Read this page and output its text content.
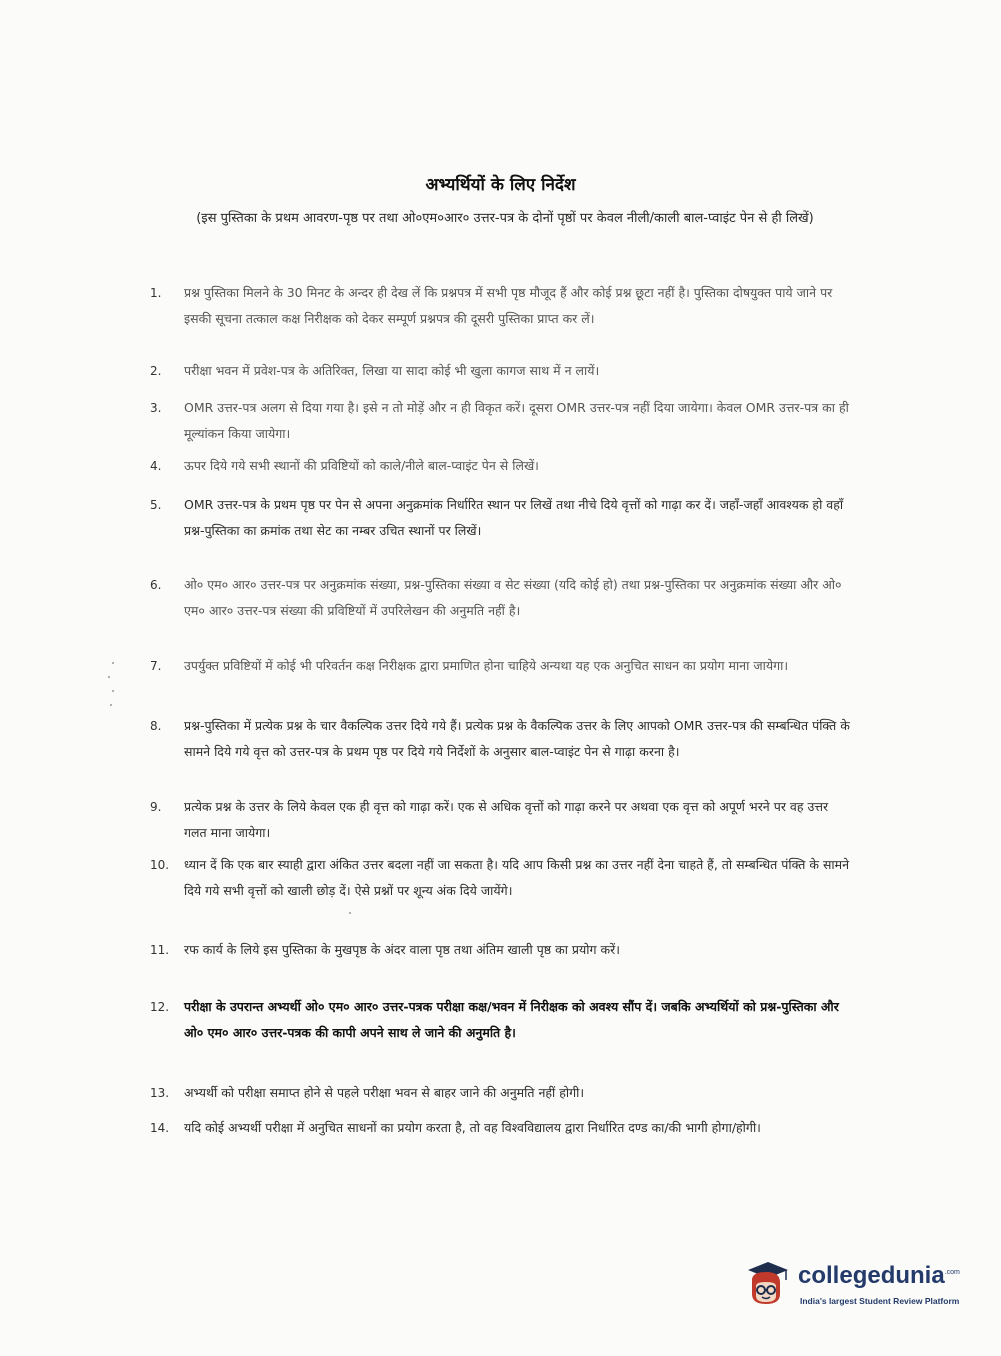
अभ्यर्थियों के लिए निर्देश
(इस पुस्तिका के प्रथम आवरण-पृष्ठ पर तथा ओ०एम०आर० उत्तर-पत्र के दोनों पृष्ठों पर केवल नीली/काली बाल-प्वाइंट पेन से ही लिखें)
1.	प्रश्न पुस्तिका मिलने के 30 मिनट के अन्दर ही देख लें कि प्रश्नपत्र में सभी पृष्ठ मौजूद हैं और कोई प्रश्न छूटा नहीं है। पुस्तिका दोषयुक्त पाये जाने पर इसकी सूचना तत्काल कक्ष निरीक्षक को देकर सम्पूर्ण प्रश्नपत्र की दूसरी पुस्तिका प्राप्त कर लें।
2.	परीक्षा भवन में प्रवेश-पत्र के अतिरिक्त, लिखा या सादा कोई भी खुला कागज साथ में न लायें।
3.	OMR उत्तर-पत्र अलग से दिया गया है। इसे न तो मोड़ें और न ही विकृत करें। दूसरा OMR उत्तर-पत्र नहीं दिया जायेगा। केवल OMR उत्तर-पत्र का ही मूल्यांकन किया जायेगा।
4.	ऊपर दिये गये सभी स्थानों की प्रविष्टियों को काले/नीले बाल-प्वाइंट पेन से लिखें।
5.	OMR उत्तर-पत्र के प्रथम पृष्ठ पर पेन से अपना अनुक्रमांक निर्धारित स्थान पर लिखें तथा नीचे दिये वृत्तों को गाढ़ा कर दें। जहाँ-जहाँ आवश्यक हो वहाँ प्रश्न-पुस्तिका का क्रमांक तथा सेट का नम्बर उचित स्थानों पर लिखें।
6.	ओ० एम० आर० उत्तर-पत्र पर अनुक्रमांक संख्या, प्रश्न-पुस्तिका संख्या व सेट संख्या (यदि कोई हो) तथा प्रश्न-पुस्तिका पर अनुक्रमांक संख्या और ओ० एम० आर० उत्तर-पत्र संख्या की प्रविष्टियों में उपरिलेखन की अनुमति नहीं है।
7.	उपर्युक्त प्रविष्टियों में कोई भी परिवर्तन कक्ष निरीक्षक द्वारा प्रमाणित होना चाहिये अन्यथा यह एक अनुचित साधन का प्रयोग माना जायेगा।
8.	प्रश्न-पुस्तिका में प्रत्येक प्रश्न के चार वैकल्पिक उत्तर दिये गये हैं। प्रत्येक प्रश्न के वैकल्पिक उत्तर के लिए आपको OMR उत्तर-पत्र की सम्बन्धित पंक्ति के सामने दिये गये वृत्त को उत्तर-पत्र के प्रथम पृष्ठ पर दिये गये निर्देशों के अनुसार बाल-प्वाइंट पेन से गाढ़ा करना है।
9.	प्रत्येक प्रश्न के उत्तर के लिये केवल एक ही वृत्त को गाढ़ा करें। एक से अधिक वृत्तों को गाढ़ा करने पर अथवा एक वृत्त को अपूर्ण भरने पर वह उत्तर गलत माना जायेगा।
10.	ध्यान दें कि एक बार स्याही द्वारा अंकित उत्तर बदला नहीं जा सकता है। यदि आप किसी प्रश्न का उत्तर नहीं देना चाहते हैं, तो सम्बन्धित पंक्ति के सामने दिये गये सभी वृत्तों को खाली छोड़ दें। ऐसे प्रश्नों पर शून्य अंक दिये जायेंगे।
11.	रफ कार्य के लिये इस पुस्तिका के मुखपृष्ठ के अंदर वाला पृष्ठ तथा अंतिम खाली पृष्ठ का प्रयोग करें।
12.	परीक्षा के उपरान्त अभ्यर्थी ओ० एम० आर० उत्तर-पत्रक परीक्षा कक्ष/भवन में निरीक्षक को अवश्य सौंप दें। जबकि अभ्यर्थियों को प्रश्न-पुस्तिका और ओ० एम० आर० उत्तर-पत्रक की कापी अपने साथ ले जाने की अनुमति है।
13.	अभ्यर्थी को परीक्षा समाप्त होने से पहले परीक्षा भवन से बाहर जाने की अनुमति नहीं होगी।
14.	यदि कोई अभ्यर्थी परीक्षा में अनुचित साधनों का प्रयोग करता है, तो वह विश्वविद्यालय द्वारा निर्धारित दण्ड का/की भागी होगा/होगी।
collegedunia$^{.com}$
India's largest Student Review Platform
